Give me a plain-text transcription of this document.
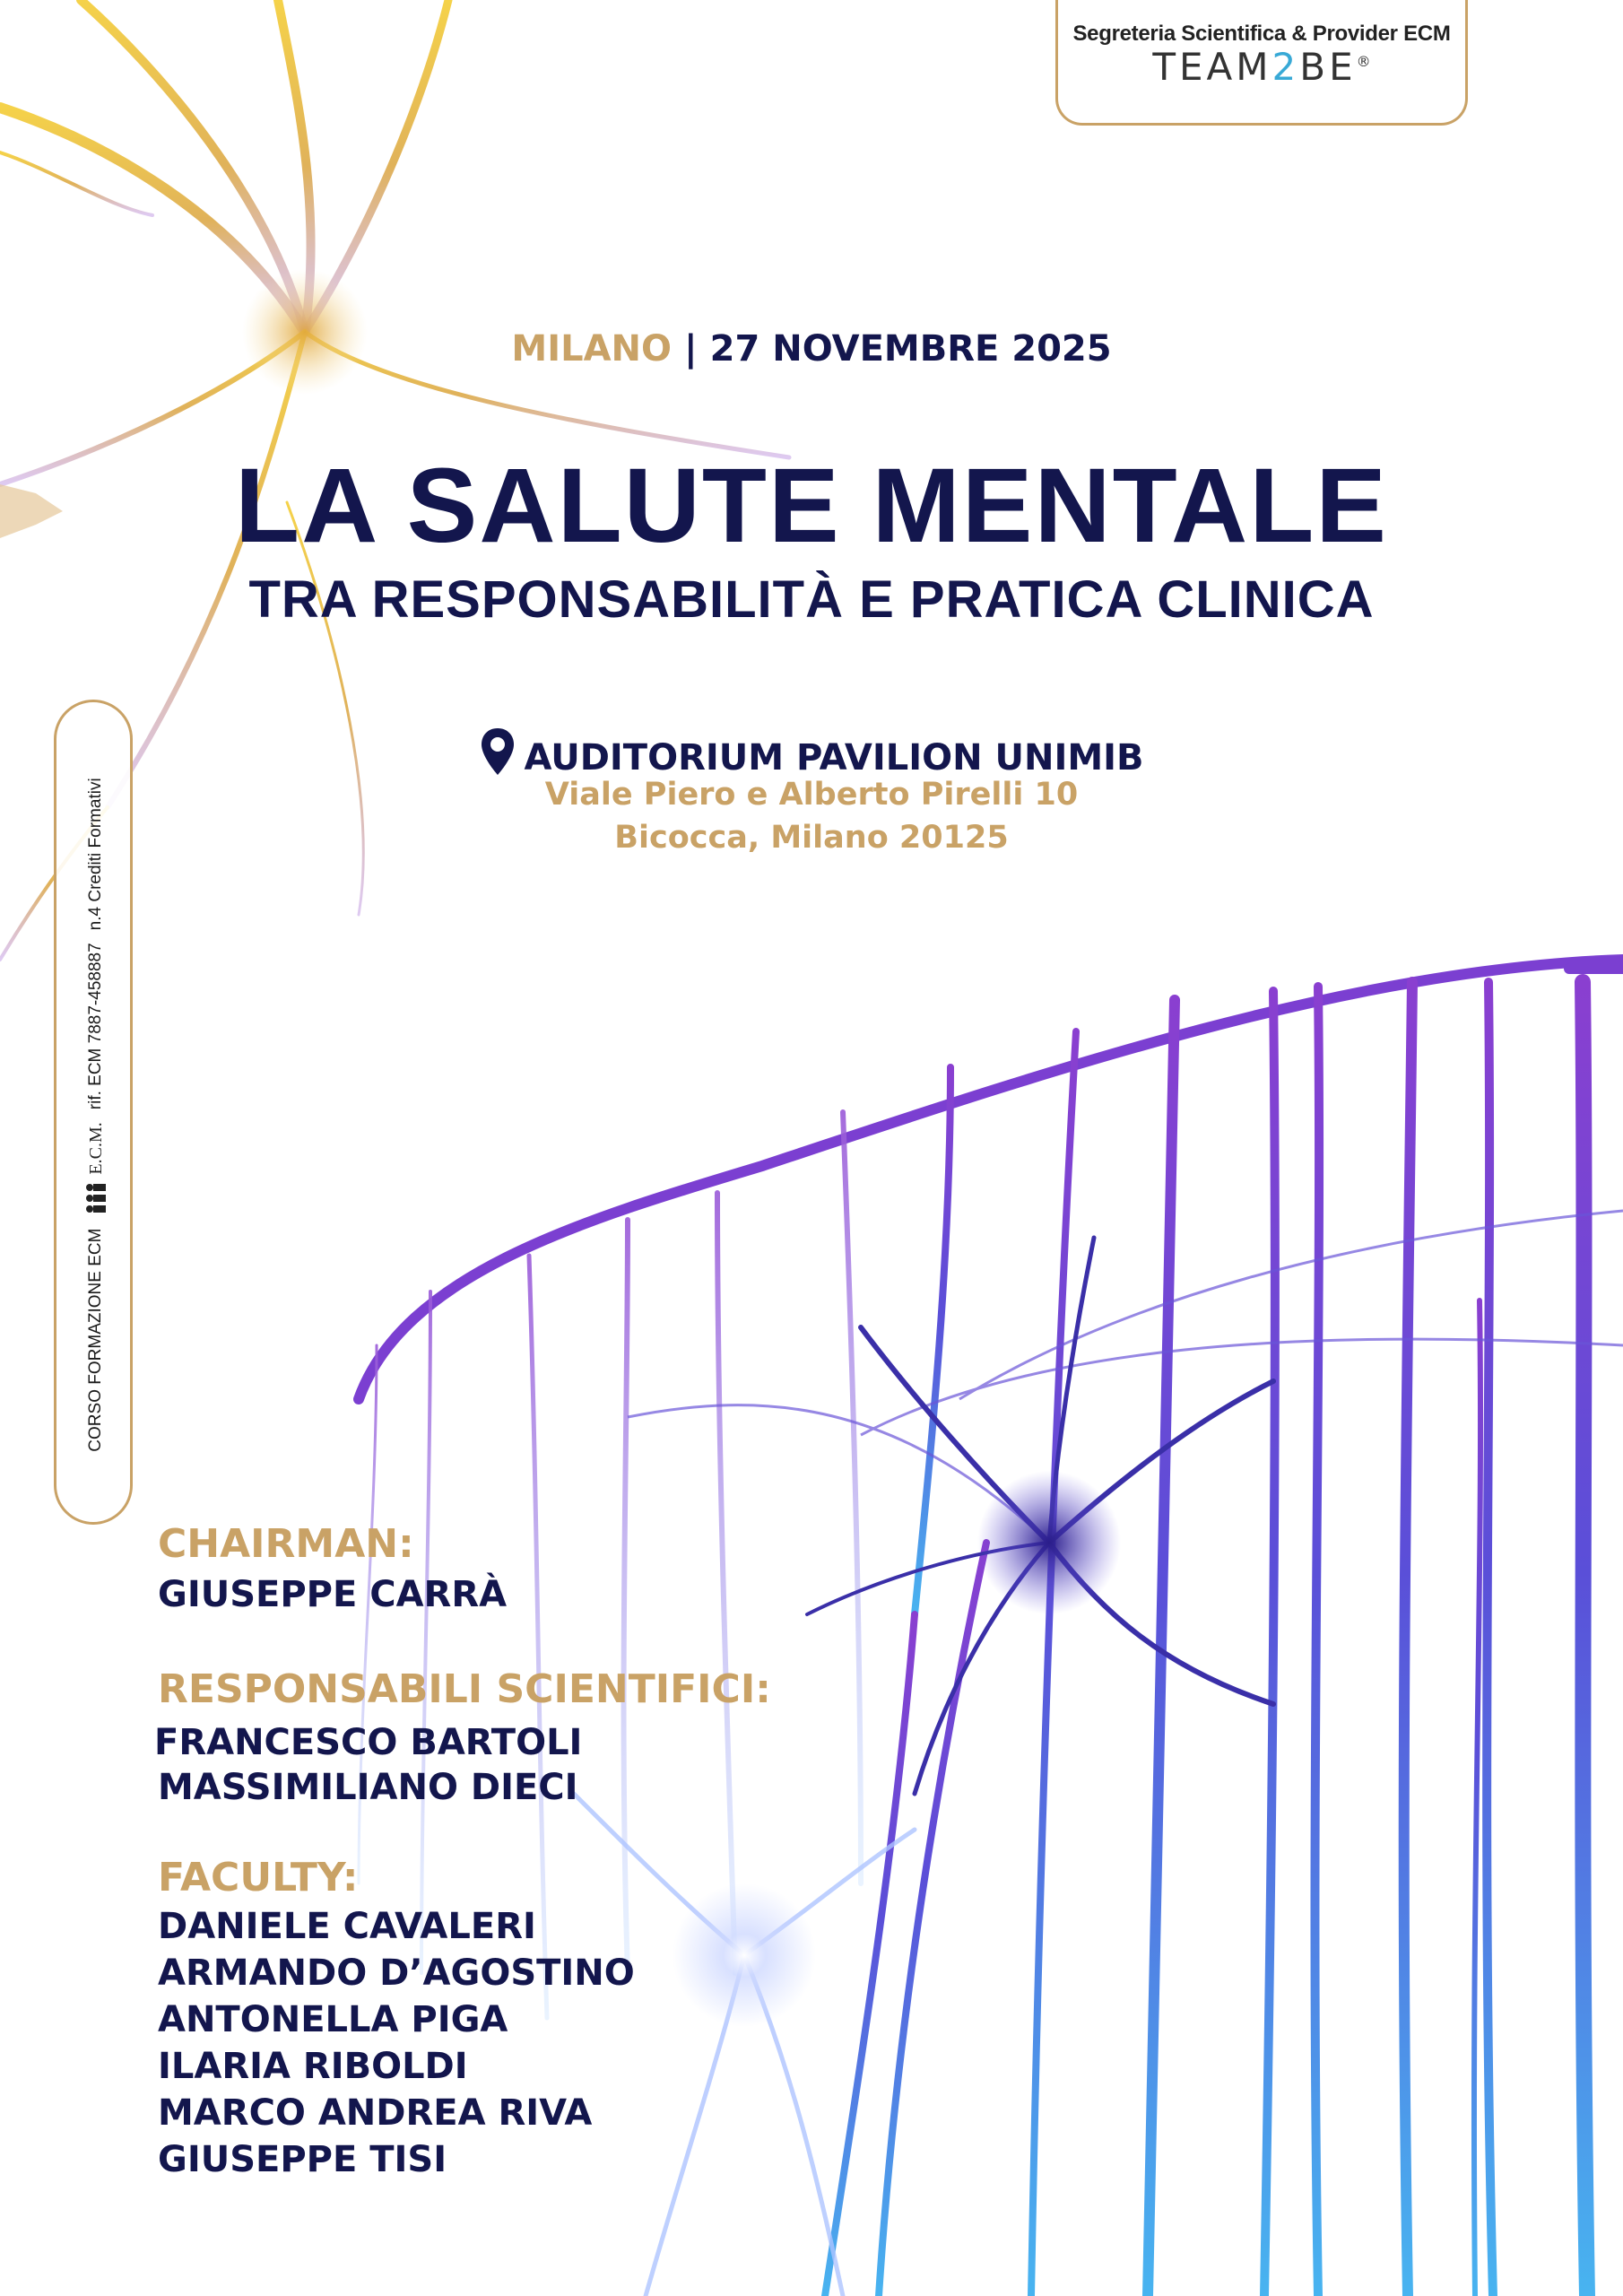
Segreteria Scientifica & Provider ECM
TEAM2BE®
MILANO | 27 NOVEMBRE 2025
LA SALUTE MENTALE
TRA RESPONSABILITÀ E PRATICA CLINICA
AUDITORIUM PAVILION UNIMIB
Viale Piero e Alberto Pirelli 10
Bicocca, Milano 20125
CORSO FORMAZIONE ECM
E.C.M.
rif. ECM 7887-458887
n.4 Crediti Formativi
CHAIRMAN:
GIUSEPPE CARRÀ
RESPONSABILI SCIENTIFICI:
FRANCESCO BARTOLI
MASSIMILIANO DIECI
FACULTY:
DANIELE CAVALERI
ARMANDO D’AGOSTINO
ANTONELLA PIGA
ILARIA RIBOLDI
MARCO ANDREA RIVA
GIUSEPPE TISI
